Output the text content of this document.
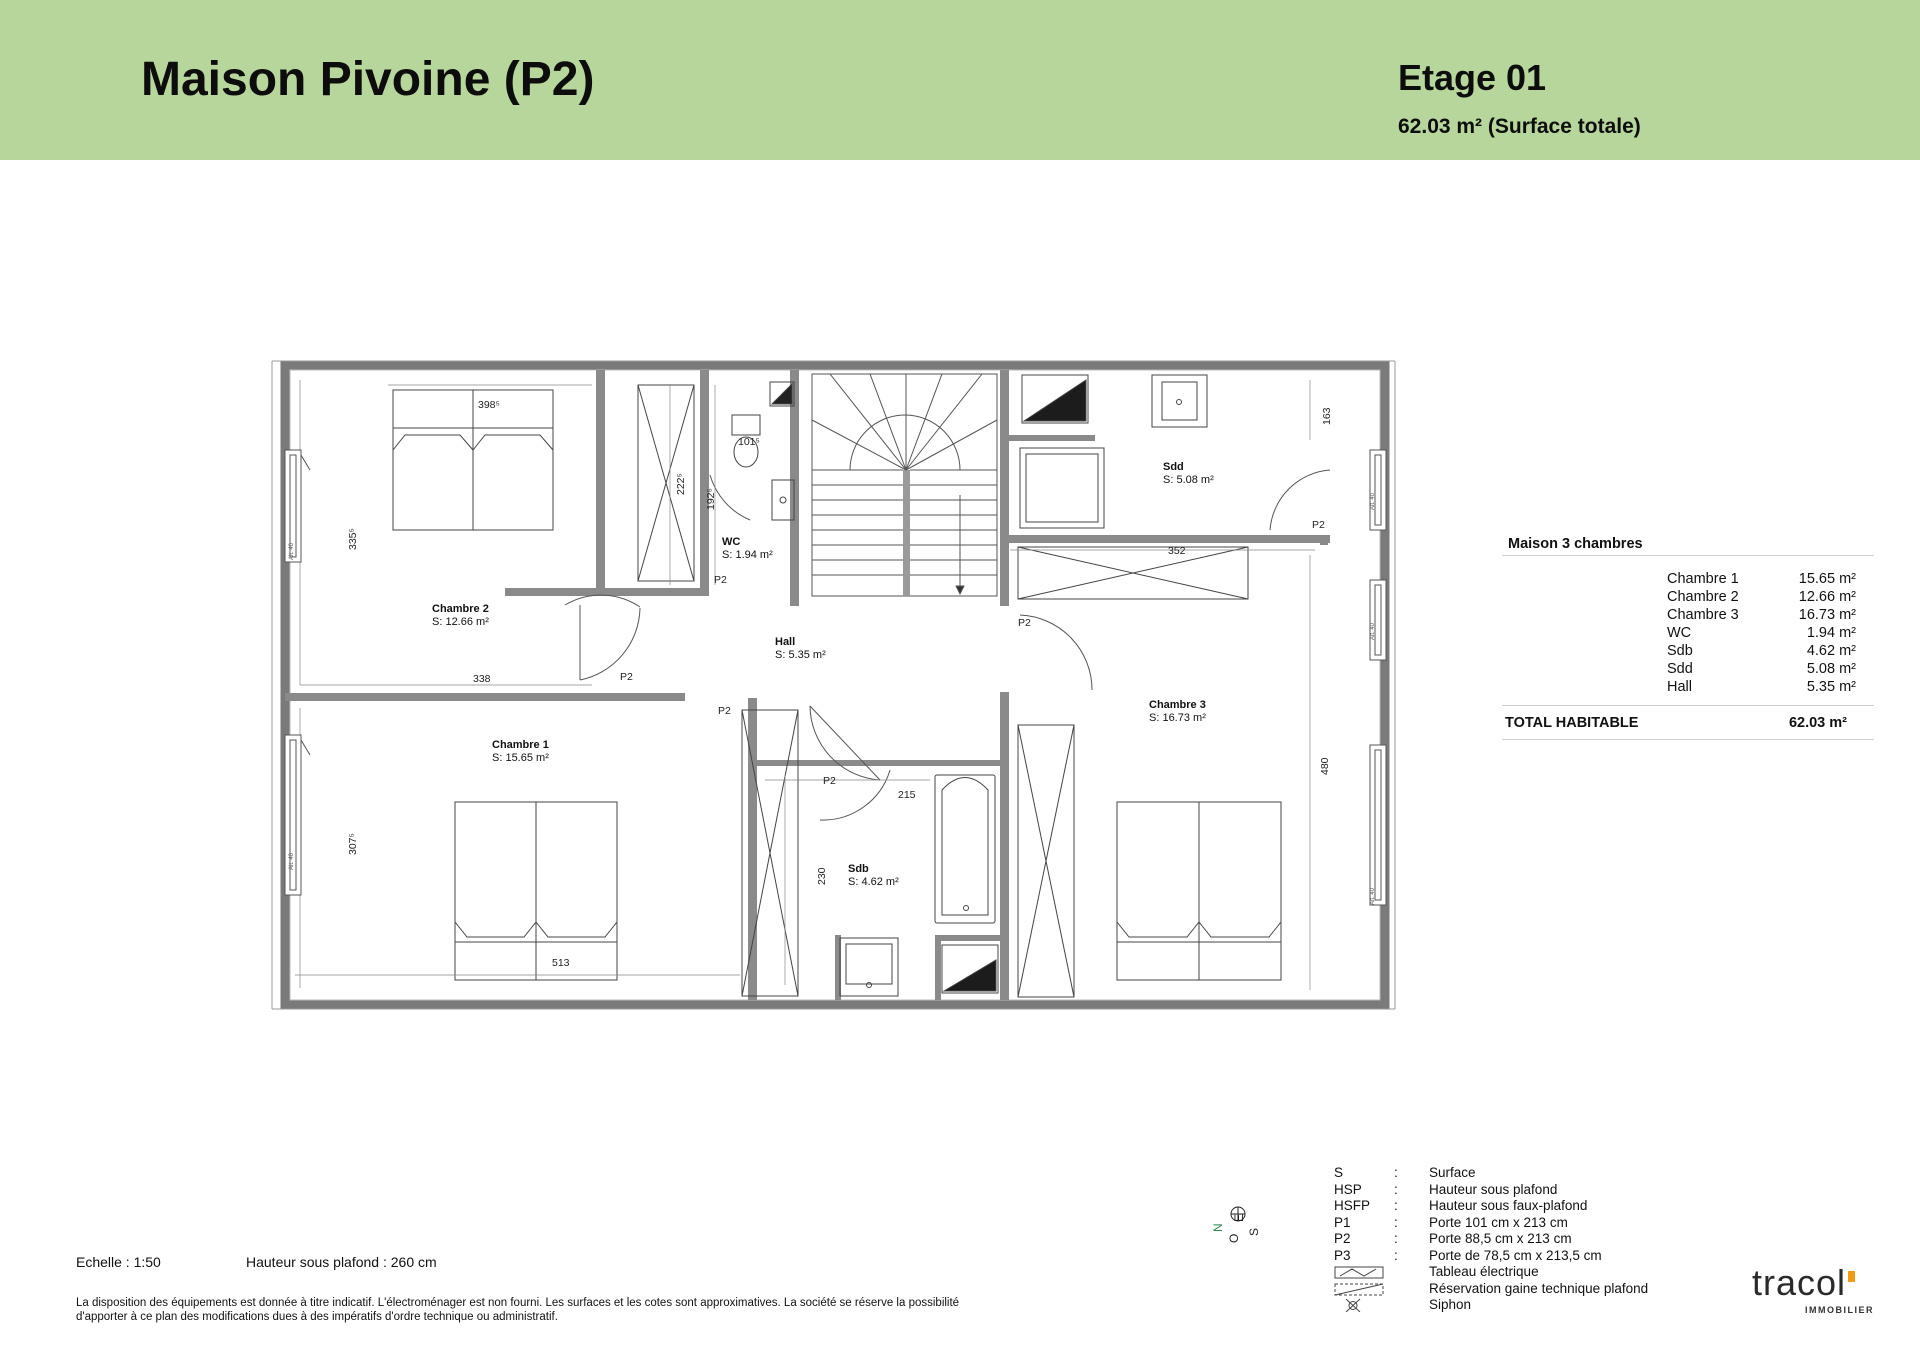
Maison Pivoine (P2)	Etage 01
62.03 m² (Surface totale)
Chambre 2
S: 12.66 m²
Chambre 1
S: 15.65 m²
WC
S: 1.94 m²
Hall
S: 5.35 m²
Sdd
S: 5.08 m²
Chambre 3
S: 16.73 m²
Sdb
S: 4.62 m²
398⁵
335⁵
338
222⁵
192⁵
101⁵
163
352
480
307⁵
513
215
230
P2
P2
P2
P2
P2
P2
Alt. 40
Alt. 40
Alt. 40
Alt. 40
Alt. 40
Maison 3 chambres
Chambre 1	15.65 m²
Chambre 2	12.66 m²
Chambre 3	16.73 m²
WC	1.94 m²
Sdb	4.62 m²
Sdd	5.08 m²
Hall	5.35 m²
TOTAL HABITABLE	62.03 m²
N
O
E
S
S	: Surface
HSP : Hauteur sous plafond
HSFP : Hauteur sous faux-plafond
P1	: Porte 101 cm x 213 cm
P2	: Porte 88,5 cm x 213 cm
P3	: Porte de 78,5 cm x 213,5 cm
Tableau électrique
Réservation gaine technique plafond
Siphon
Echelle : 1:50	Hauteur sous plafond : 260 cm
La disposition des équipements est donnée à titre indicatif. L'électroménager est non fourni. Les surfaces et les cotes sont approximatives. La société se réserve la possibilité
d'apporter à ce plan des modifications dues à des impératifs d'ordre technique ou administratif.
tracol
IMMOBILIER
